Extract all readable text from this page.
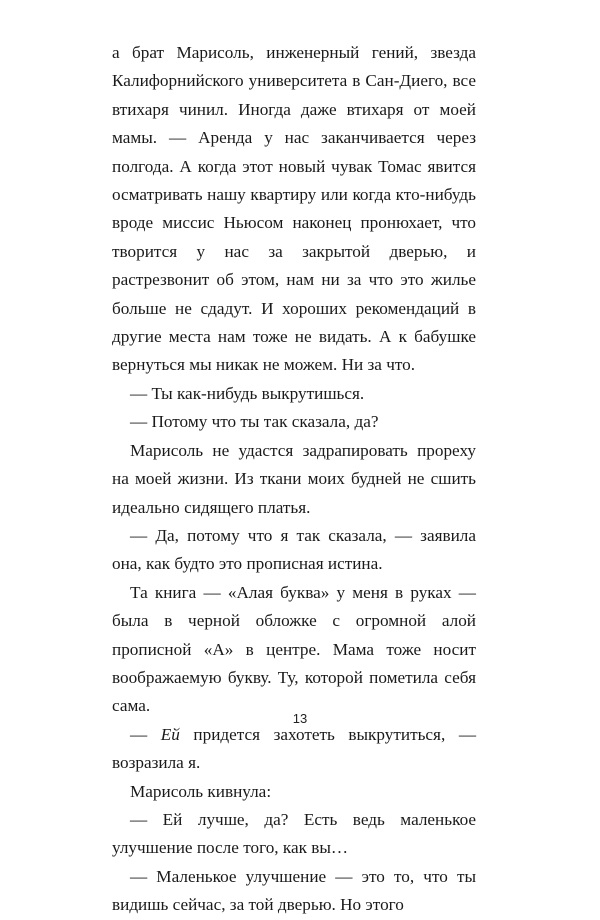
а брат Марисоль, инженерный гений, звезда Калифорнийского университета в Сан-Диего, все втихаря чинил. Иногда даже втихаря от моей мамы. — Аренда у нас заканчивается через полгода. А когда этот новый чувак Томас явится осматривать нашу квартиру или когда кто-нибудь вроде миссис Ньюсом наконец пронюхает, что творится у нас за закрытой дверью, и растрезвонит об этом, нам ни за что это жилье больше не сдадут. И хороших рекомендаций в другие места нам тоже не видать. А к бабушке вернуться мы никак не можем. Ни за что.

— Ты как-нибудь выкрутишься.

— Потому что ты так сказала, да?

Марисоль не удастся задрапировать прореху на моей жизни. Из ткани моих будней не сшить идеально сидящего платья.

— Да, потому что я так сказала, — заявила она, как будто это прописная истина.

Та книга — «Алая буква» у меня в руках — была в черной обложке с огромной алой прописной «А» в центре. Мама тоже носит воображаемую букву. Ту, которой пометила себя сама.

— Ей придется захотеть выкрутиться, — возразила я.

Марисоль кивнула:

— Ей лучше, да? Есть ведь маленькое улучшение после того, как вы…

— Маленькое улучшение — это то, что ты видишь сейчас, за той дверью. Но этого

13
